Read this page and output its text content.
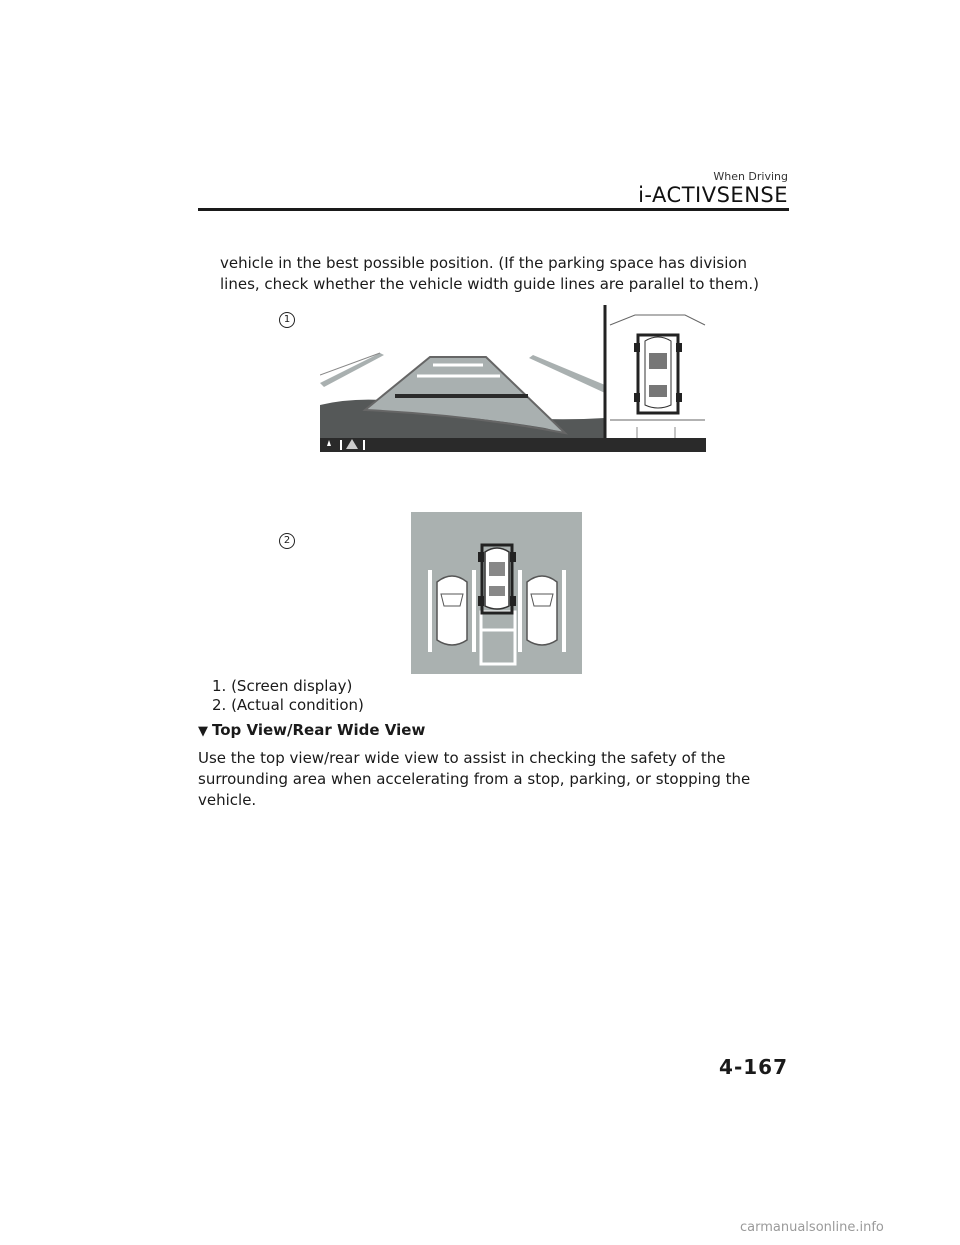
When Driving
i-ACTIVSENSE

vehicle in the best possible position. (If the parking space has division lines, check whether the vehicle width guide lines are parallel to them.)

1
2
1. (Screen display)
2. (Actual condition)
▼ Top View/Rear Wide View

Use the top view/rear wide view to assist in checking the safety of the surrounding area when accelerating from a stop, parking, or stopping the vehicle.

4-167
carmanualsonline.info
